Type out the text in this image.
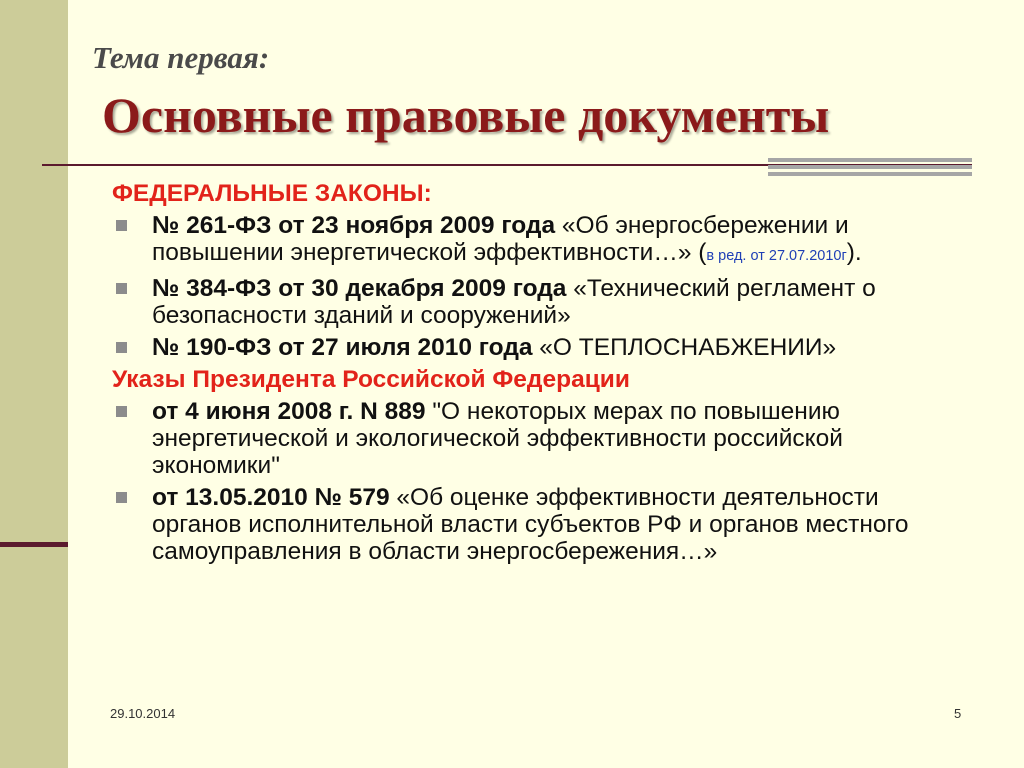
Тема первая:
Основные правовые документы
ФЕДЕРАЛЬНЫЕ ЗАКОНЫ:
№ 261-ФЗ от 23 ноября 2009 года «Об энергосбережении и повышении энергетической эффективности…» (в ред. от 27.07.2010г).
№ 384-ФЗ от 30 декабря 2009 года «Технический регламент о безопасности зданий и сооружений»
№ 190-ФЗ от 27 июля 2010 года «О ТЕПЛОСНАБЖЕНИИ»
Указы Президента Российской Федерации
от 4 июня 2008 г. N 889 "О некоторых мерах по повышению энергетической и экологической эффективности российской экономики"
от 13.05.2010 № 579 «Об оценке эффективности деятельности органов исполнительной власти субъектов РФ и органов местного самоуправления в области энергосбережения…»
29.10.2014	5
